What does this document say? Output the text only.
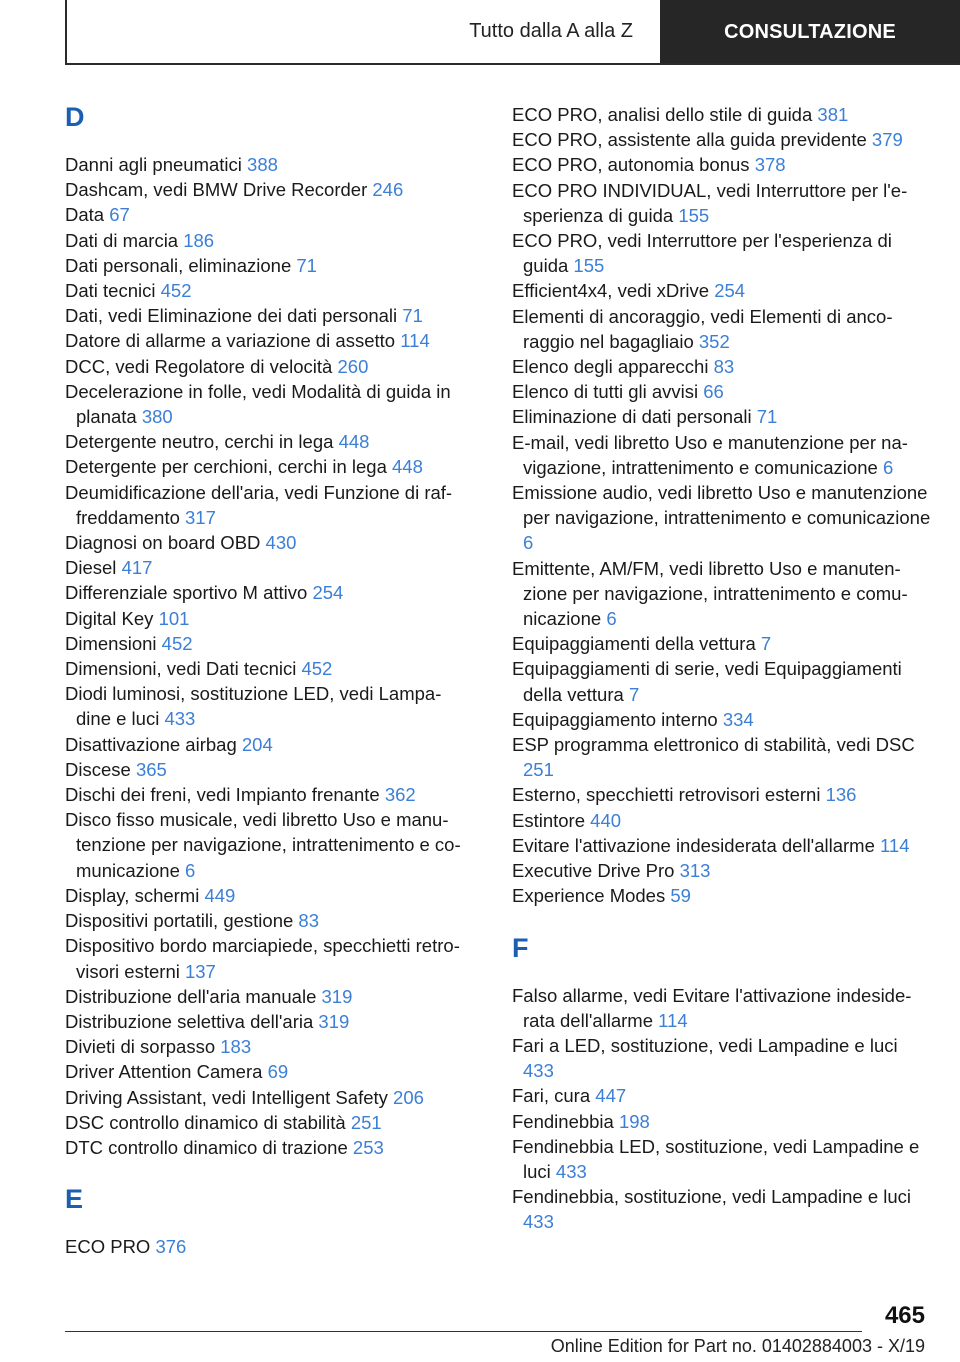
Tutto dalla A alla Z	CONSULTAZIONE
D

Danni agli pneumatici 388

Dashcam, vedi BMW Drive Recorder 246

Data 67

Dati di marcia 186

Dati personali, eliminazione 71

Dati tecnici 452

Dati, vedi Eliminazione dei dati personali 71

Datore di allarme a variazione di assetto 114

DCC, vedi Regolatore di velocità 260

Decelerazione in folle, vedi Modalità di guida in planata 380

Detergente neutro, cerchi in lega 448

Detergente per cerchioni, cerchi in lega 448

Deumidificazione dell'aria, vedi Funzione di raffreddamento 317

Diagnosi on board OBD 430

Diesel 417

Differenziale sportivo M attivo 254

Digital Key 101

Dimensioni 452

Dimensioni, vedi Dati tecnici 452

Diodi luminosi, sostituzione LED, vedi Lampadine e luci 433

Disattivazione airbag 204

Discese 365

Dischi dei freni, vedi Impianto frenante 362

Disco fisso musicale, vedi libretto Uso e manutenzione per navigazione, intrattenimento e comunicazione 6

Display, schermi 449

Dispositivi portatili, gestione 83

Dispositivo bordo marciapiede, specchietti retrovisori esterni 137

Distribuzione dell'aria manuale 319

Distribuzione selettiva dell'aria 319

Divieti di sorpasso 183

Driver Attention Camera 69

Driving Assistant, vedi Intelligent Safety 206

DSC controllo dinamico di stabilità 251

DTC controllo dinamico di trazione 253

E

ECO PRO 376

ECO PRO, analisi dello stile di guida 381

ECO PRO, assistente alla guida previdente 379

ECO PRO, autonomia bonus 378

ECO PRO INDIVIDUAL, vedi Interruttore per l'esperienza di guida 155

ECO PRO, vedi Interruttore per l'esperienza di guida 155

Efficient4x4, vedi xDrive 254

Elementi di ancoraggio, vedi Elementi di ancoraggio nel bagagliaio 352

Elenco degli apparecchi 83

Elenco di tutti gli avvisi 66

Eliminazione di dati personali 71

E-mail, vedi libretto Uso e manutenzione per navigazione, intrattenimento e comunicazione 6

Emissione audio, vedi libretto Uso e manutenzione per navigazione, intrattenimento e comunicazione 6

Emittente, AM/FM, vedi libretto Uso e manutenzione per navigazione, intrattenimento e comunicazione 6

Equipaggiamenti della vettura 7

Equipaggiamenti di serie, vedi Equipaggiamenti della vettura 7

Equipaggiamento interno 334

ESP programma elettronico di stabilità, vedi DSC 251

Esterno, specchietti retrovisori esterni 136

Estintore 440

Evitare l'attivazione indesiderata dell'allarme 114

Executive Drive Pro 313

Experience Modes 59

F

Falso allarme, vedi Evitare l'attivazione indesiderata dell'allarme 114

Fari a LED, sostituzione, vedi Lampadine e luci 433

Fari, cura 447

Fendinebbia 198

Fendinebbia LED, sostituzione, vedi Lampadine e luci 433

Fendinebbia, sostituzione, vedi Lampadine e luci 433

465
Online Edition for Part no. 01402884003 - X/19
